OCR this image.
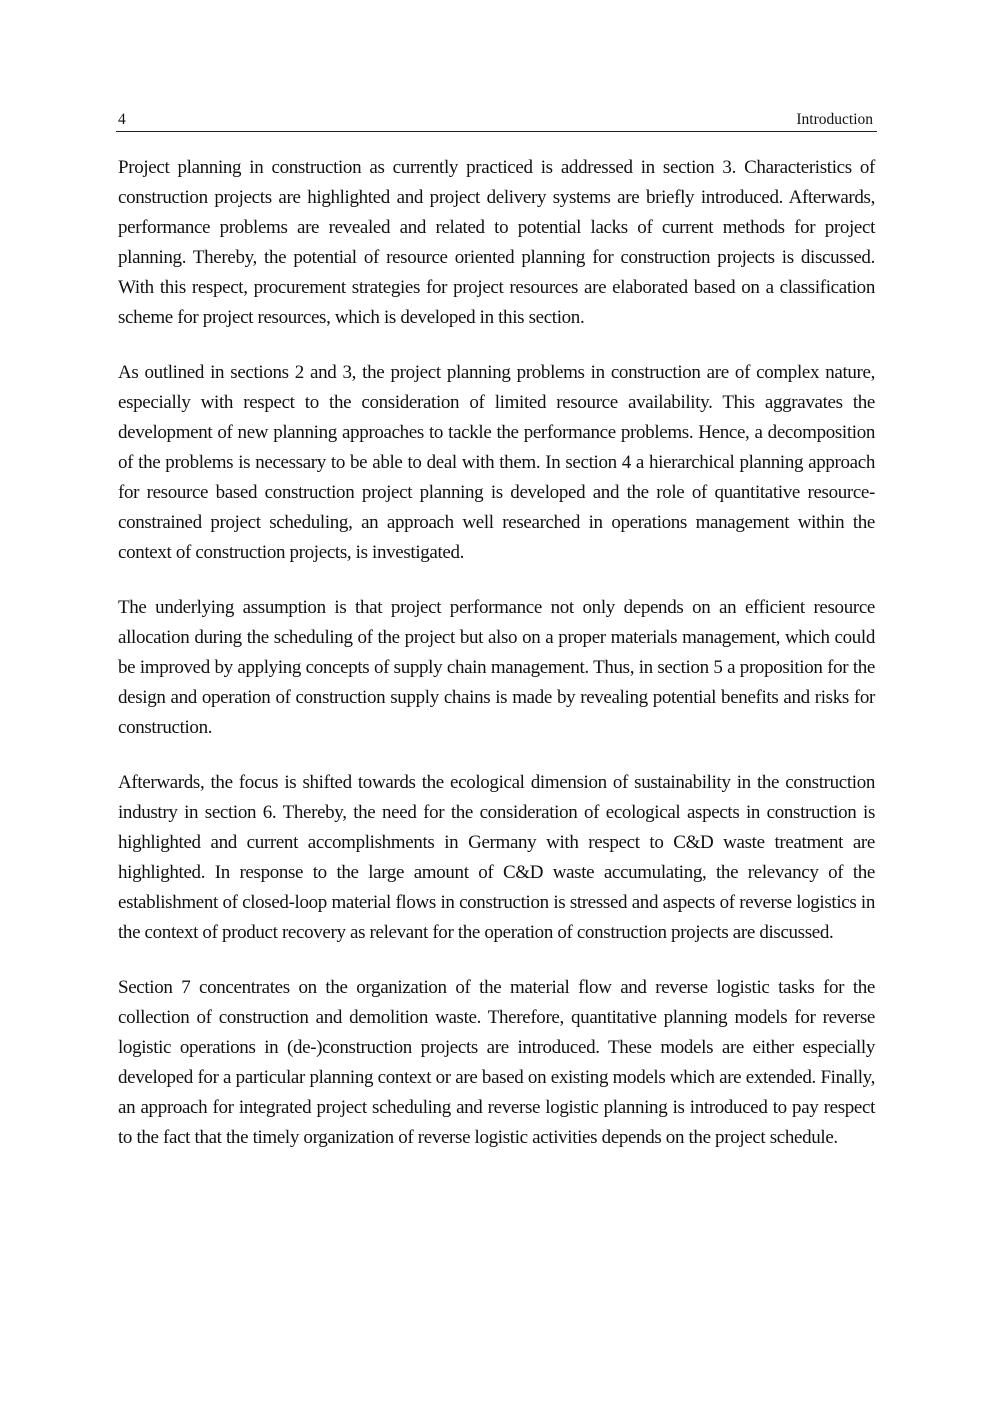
4	Introduction

Project planning in construction as currently practiced is addressed in section 3. Characteristics of construction projects are highlighted and project delivery systems are briefly introduced. Afterwards, performance problems are revealed and related to potential lacks of current methods for project planning. Thereby, the potential of resource oriented planning for construction projects is discussed. With this respect, procurement strategies for project resources are elaborated based on a classification scheme for project resources, which is developed in this section.

As outlined in sections 2 and 3, the project planning problems in construction are of complex nature, especially with respect to the consideration of limited resource availability. This aggravates the development of new planning approaches to tackle the performance problems. Hence, a decomposition of the problems is necessary to be able to deal with them. In section 4 a hierarchical planning approach for resource based construction project planning is developed and the role of quantitative resource-constrained project scheduling, an approach well researched in operations management within the context of construction projects, is investigated.

The underlying assumption is that project performance not only depends on an efficient resource allocation during the scheduling of the project but also on a proper materials management, which could be improved by applying concepts of supply chain management. Thus, in section 5 a proposition for the design and operation of construction supply chains is made by revealing potential benefits and risks for construction.

Afterwards, the focus is shifted towards the ecological dimension of sustainability in the construction industry in section 6. Thereby, the need for the consideration of ecological aspects in construction is highlighted and current accomplishments in Germany with respect to C&D waste treatment are highlighted. In response to the large amount of C&D waste accumulating, the relevancy of the establishment of closed-loop material flows in construction is stressed and aspects of reverse logistics in the context of product recovery as relevant for the operation of construction projects are discussed.

Section 7 concentrates on the organization of the material flow and reverse logistic tasks for the collection of construction and demolition waste. Therefore, quantitative planning models for reverse logistic operations in (de-)construction projects are introduced. These models are either especially developed for a particular planning context or are based on existing models which are extended. Finally, an approach for integrated project scheduling and reverse logistic planning is introduced to pay respect to the fact that the timely organization of reverse logistic activities depends on the project schedule.
